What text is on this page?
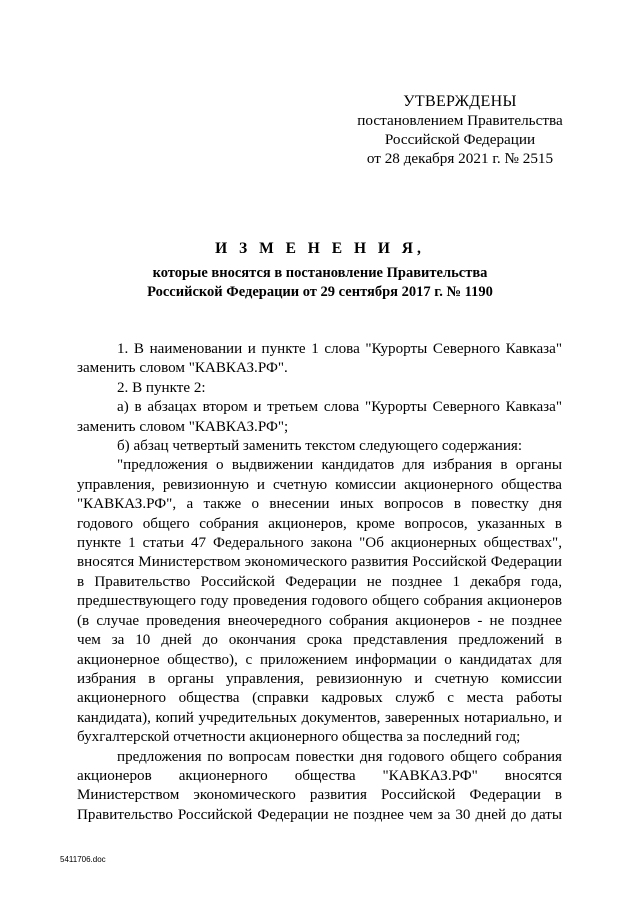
УТВЕРЖДЕНЫ
постановлением Правительства
Российской Федерации
от 28 декабря 2021 г. № 2515
И З М Е Н Е Н И Я,
которые вносятся в постановление Правительства
Российской Федерации от 29 сентября 2017 г. № 1190

1. В наименовании и пункте 1 слова "Курорты Северного Кавказа" заменить словом "КАВКАЗ.РФ".

2. В пункте 2:

а) в абзацах втором и третьем слова "Курорты Северного Кавказа" заменить словом "КАВКАЗ.РФ";

б) абзац четвертый заменить текстом следующего содержания:

"предложения о выдвижении кандидатов для избрания в органы управления, ревизионную и счетную комиссии акционерного общества "КАВКАЗ.РФ", а также о внесении иных вопросов в повестку дня годового общего собрания акционеров, кроме вопросов, указанных в пункте 1 статьи 47 Федерального закона "Об акционерных обществах", вносятся Министерством экономического развития Российской Федерации в Правительство Российской Федерации не позднее 1 декабря года, предшествующего году проведения годового общего собрания акционеров (в случае проведения внеочередного собрания акционеров - не позднее чем за 10 дней до окончания срока представления предложений в акционерное общество), с приложением информации о кандидатах для избрания в органы управления, ревизионную и счетную комиссии акционерного общества (справки кадровых служб с места работы кандидата), копий учредительных документов, заверенных нотариально, и бухгалтерской отчетности акционерного общества за последний год;

предложения по вопросам повестки дня годового общего собрания акционеров акционерного общества "КАВКАЗ.РФ" вносятся Министерством экономического развития Российской Федерации в Правительство Российской Федерации не позднее чем за 30 дней до даты

5411706.doc
